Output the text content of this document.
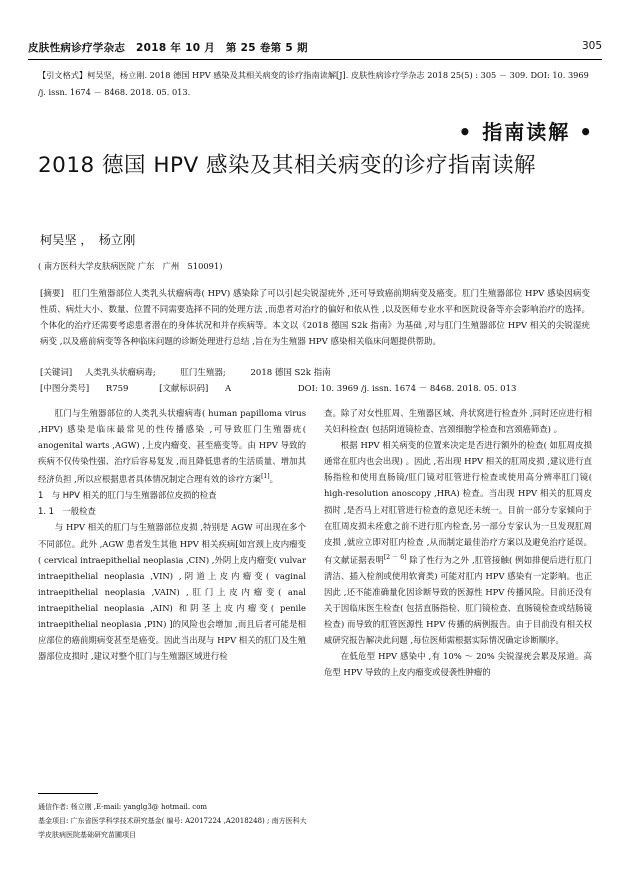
皮肤性病诊疗学杂志　2018 年 10 月　第 25 卷第 5 期	305
【引文格式】柯吴坚，杨立刚. 2018 德国 HPV 感染及其相关病变的诊疗指南读解[J]. 皮肤性病诊疗学杂志 2018 25(5) : 305 － 309. DOI: 10. 3969 /j. issn. 1674 － 8468. 2018. 05. 013.
• 指南读解 •
2018 德国 HPV 感染及其相关病变的诊疗指南读解
柯吴坚 ，　杨立刚
( 南方医科大学皮肤病医院 广东　广州　510091)
[摘要]　肛门生殖器部位人类乳头状瘤病毒( HPV) 感染除了可以引起尖锐湿疣外 ,还可导致癌前期病变及癌变。肛门生殖器部位 HPV 感染因病变性质、病灶大小、数量、位置不同需要选择不同的处理方法 ,而患者对治疗的偏好和依从性 ,以及医师专业水平和医院设备等亦会影响治疗的选择。个体化的治疗还需要考虑患者潜在的身体状况和并存疾病等。本文以《2018 德国 S2k 指南》为基础 ,对与肛门生殖器部位 HPV 相关的尖锐湿疣病变 ,以及癌前病变等各种临床问题的诊断处理进行总结 ,旨在为生殖器 HPV 感染相关临床问题提供帮助。
[关键词] 人类乳头状瘤病毒;	肛门生殖器;	2018 德国 S2k 指南
[中图分类号] R759	[文献标识码] A	DOI: 10. 3969 /j. issn. 1674 － 8468. 2018. 05. 013

肛门与生殖器部位的人类乳头状瘤病毒( human papilloma virus ,HPV) 感染是临床最常见的性传播感染 ,可导致肛门生殖器疣( anogenital warts ,AGW) ,上皮内瘤变、甚至癌变等。由 HPV 导致的疾病不仅传染性强、治疗后容易复发 ,而且降低患者的生活质量、增加其经济负担 ,所以应根据患者具体情况制定合理有效的诊疗方案[1]。

1　与 HPV 相关的肛门与生殖器部位皮损的检查
1. 1　一般检查

与 HPV 相关的肛门与生殖器部位皮损 ,特别是 AGW 可出现在多个不同部位。此外 ,AGW 患者发生其他 HPV 相关疾病[如宫颈上皮内瘤变( cervical intraepithelial neoplasia ,CIN) ,外阴上皮内瘤变( vulvar intraepithelial neoplasia ,VIN) ,阴道上皮内瘤变( vaginal intraepithelial neoplasia ,VAIN) ,肛门上皮内瘤变( anal intraepithelial neoplasia ,AIN) 和阴茎上皮内瘤变( penile intraepithelial neoplasia ,PIN) ]的风险也会增加 ,而且后者可能是相应部位的癌前期病变甚至是癌变。因此当出现与 HPV 相关的肛门及生殖器部位皮损时 ,建议对整个肛门与生殖器区域进行检

查。除了对女性肛周、生殖器区域、舟状窝进行检查外 ,同时还应进行相关妇科检查( 包括阴道镜检查、宫颈细胞学检查和宫颈癌筛查) 。

根据 HPV 相关病变的位置来决定是否进行额外的检查( 如肛周皮损通常在肛内也会出现) 。因此 ,若出现 HPV 相关的肛周皮损 ,建议进行直肠指检和使用直肠镜/肛门镜对肛管进行检查或使用高分辨率肛门镜( high-resolution anoscopy ,HRA) 检查。当出现 HPV 相关的肛周皮损时 ,是否马上对肛管进行检查的意见还未统一。目前一部分专家倾向于在肛周皮损未痊愈之前不进行肛内检查,另一部分专家认为一旦发现肛周皮损 ,就应立即对肛内检查 ,从而制定最佳治疗方案以及避免治疗延误。有文献证据表明[2 － 6] 除了性行为之外 ,肛管接触( 例如排便后进行肛门清洁、插入栓剂或使用软膏类) 可能对肛内 HPV 感染有一定影响。也正因此 ,还不能准确量化因诊断导致的医源性 HPV 传播风险。目前还没有关于因临床医生检查( 包括直肠指检、肛门镜检查、直肠镜检查或结肠镜检查) 而导致的肛管医源性 HPV 传播的病例报告。由于目前没有相关权威研究报告解决此问题 ,每位医师需根据实际情况确定诊断顺序。

在低危型 HPV 感染中 ,有 10% ～ 20% 尖锐湿疣会累及尿道。高危型 HPV 导致的上皮内瘤变或侵袭性肿瘤的

通信作者: 杨立刚 ,E-mail: yanglg3@ hotmail. com

基金项目: 广东省医学科学技术研究基金( 编号: A2017224 ,A2018248) ; 南方医科大学皮肤病医院基础研究苗圃项目
